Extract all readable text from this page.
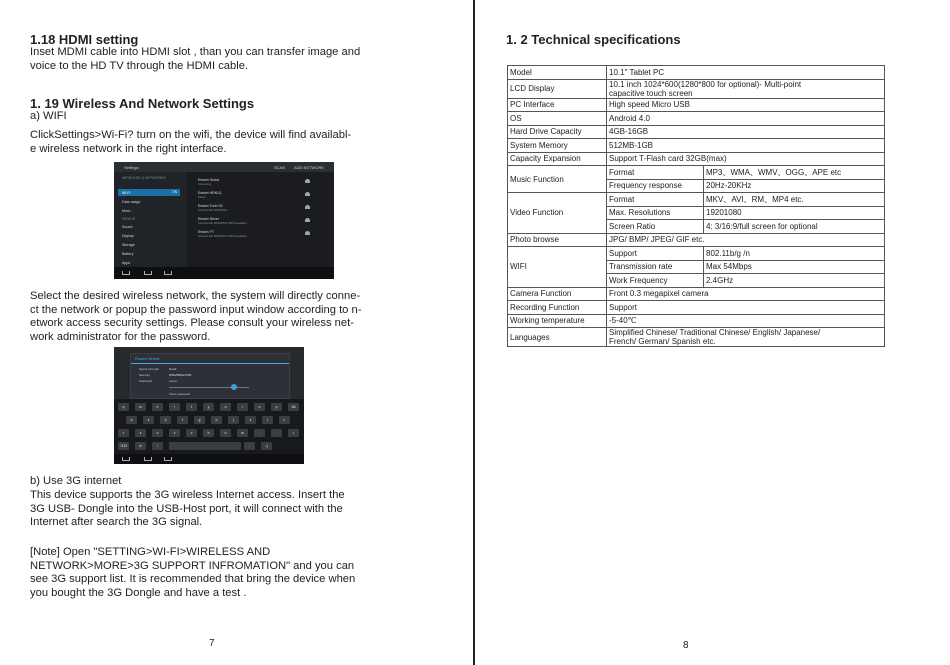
1.18 HDMI setting

Inset MDMI cable into HDMI slot , than you can transfer image and
voice to the HD TV through the HDMI cable.

1. 19 Wireless And Network Settings

a) WIFI

ClickSettings>Wi-Fi? turn on the wifi, the device will find availabl-
e wireless network in the right interface.

Settings	SCAN ADD NETWORK
WIRELESS & NETWORKS
ON
Wi-Fi
Data usage
More...
DEVICE
Sound
Display
Storage
Battery
Apps
Ewsim Guest
Connecting
Ewsim HRKU1
Saved
Ewsim Turin 02
Secured with WPA/WPA2
Ewsim Sever
Secured with WPA/WPA2 (WPS available)
Ewsim YT
Secured with WPA/WPA2 (WPS available)

Select the desired wireless network, the system will directly conne-
ct the network or popup the password input window according to n-
etwork access security settings. Please consult your wireless net-
work administrator for the password.

Ewsim Server
Signal strength	Good
Security	WPA/WPA2 PSK
Password	••••••••
Show password
q	w	e	r	t	y	u	i	o	p	⌫
a	s	d	f	g	h	j	k	l	↵
⇧	z	x	c	v	b	n	m	,	.	⇧
?123	⚙	/	-	:-)

b) Use 3G internet

This device supports the 3G wireless Internet access. Insert the
3G USB- Dongle into the USB-Host port, it will connect with the
Internet after search the 3G signal.

[Note] Open "SETTING>WI-FI>WIRELESS AND
NETWORK>MORE>3G SUPPORT INFROMATION" and you can
see 3G support list. It is recommended that bring the device when
you bought the 3G Dongle and have a test .

7
1. 2 Technical specifications
8
Model	10.1" Tablet PC	
LCD Display	10.1 inch 1024*600(1280*800 for optional)- Multi-point
capacitive touch screen	
PC Interface	High speed Micro USB	
OS	Android 4.0	
Hard Drive Capacity	4GB-16GB	
System Memory	512MB-1GB	
Capacity Expansion	Support T-Flash card 32GB(max)	
Music Function	Format	MP3、WMA、WMV、OGG、APE etc
	Frequency response	20Hz-20KHz
Video Function	Format	MKV、AVI、RM、MP4 etc.
	Max. Resolutions	19201080
	Screen Ratio	4: 3/16:9/full screen for optional
Photo browse	JPG/ BMP/ JPEG/ GIF etc.	
WIFI	Support	802.11b/g /n
	Transmission rate	Max 54Mbps
	Work Frequency	2.4GHz
Camera Function	Front 0.3 megapixel camera	
Recording Function	Support	
Working temperature	-5-40℃	
Languages	Simplified Chinese/ Traditional Chinese/ English/ Japanese/
French/ German/ Spanish etc.	
